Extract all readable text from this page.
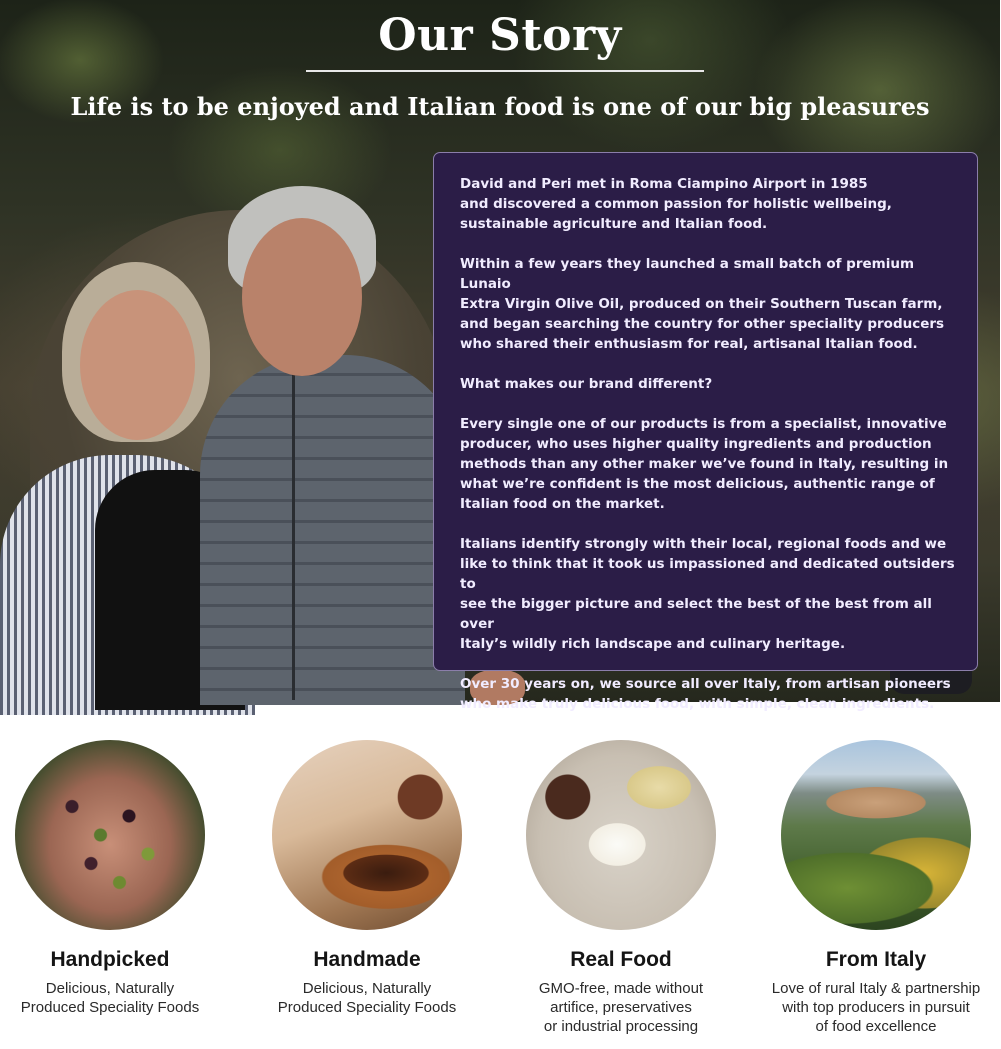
Our Story
Life is to be enjoyed and Italian food is one of our big pleasures

David and Peri met in Roma Ciampino Airport in 1985
and discovered a common passion for holistic wellbeing,
sustainable agriculture and Italian food.

Within a few years they launched a small batch of premium Lunaio
Extra Virgin Olive Oil, produced on their Southern Tuscan farm,
and began searching the country for other speciality producers
who shared their enthusiasm for real, artisanal Italian food.

What makes our brand different?

Every single one of our products is from a specialist, innovative
producer, who uses higher quality ingredients and production
methods than any other maker we’ve found in Italy, resulting in
what we’re confident is the most delicious, authentic range of
Italian food on the market.

Italians identify strongly with their local, regional foods and we
like to think that it took us impassioned and dedicated outsiders to
see the bigger picture and select the best of the best from all over
Italy’s wildly rich landscape and culinary heritage.

Over 30 years on, we source all over Italy, from artisan pioneers
who make truly delicious food, with simple, clean ingredients.

Handpicked
Delicious, Naturally
Produced Speciality Foods
Handmade
Delicious, Naturally
Produced Speciality Foods
Real Food
GMO-free, made without
artifice, preservatives
or industrial processing
From Italy
Love of rural Italy & partnership
with top producers in pursuit
of food excellence
